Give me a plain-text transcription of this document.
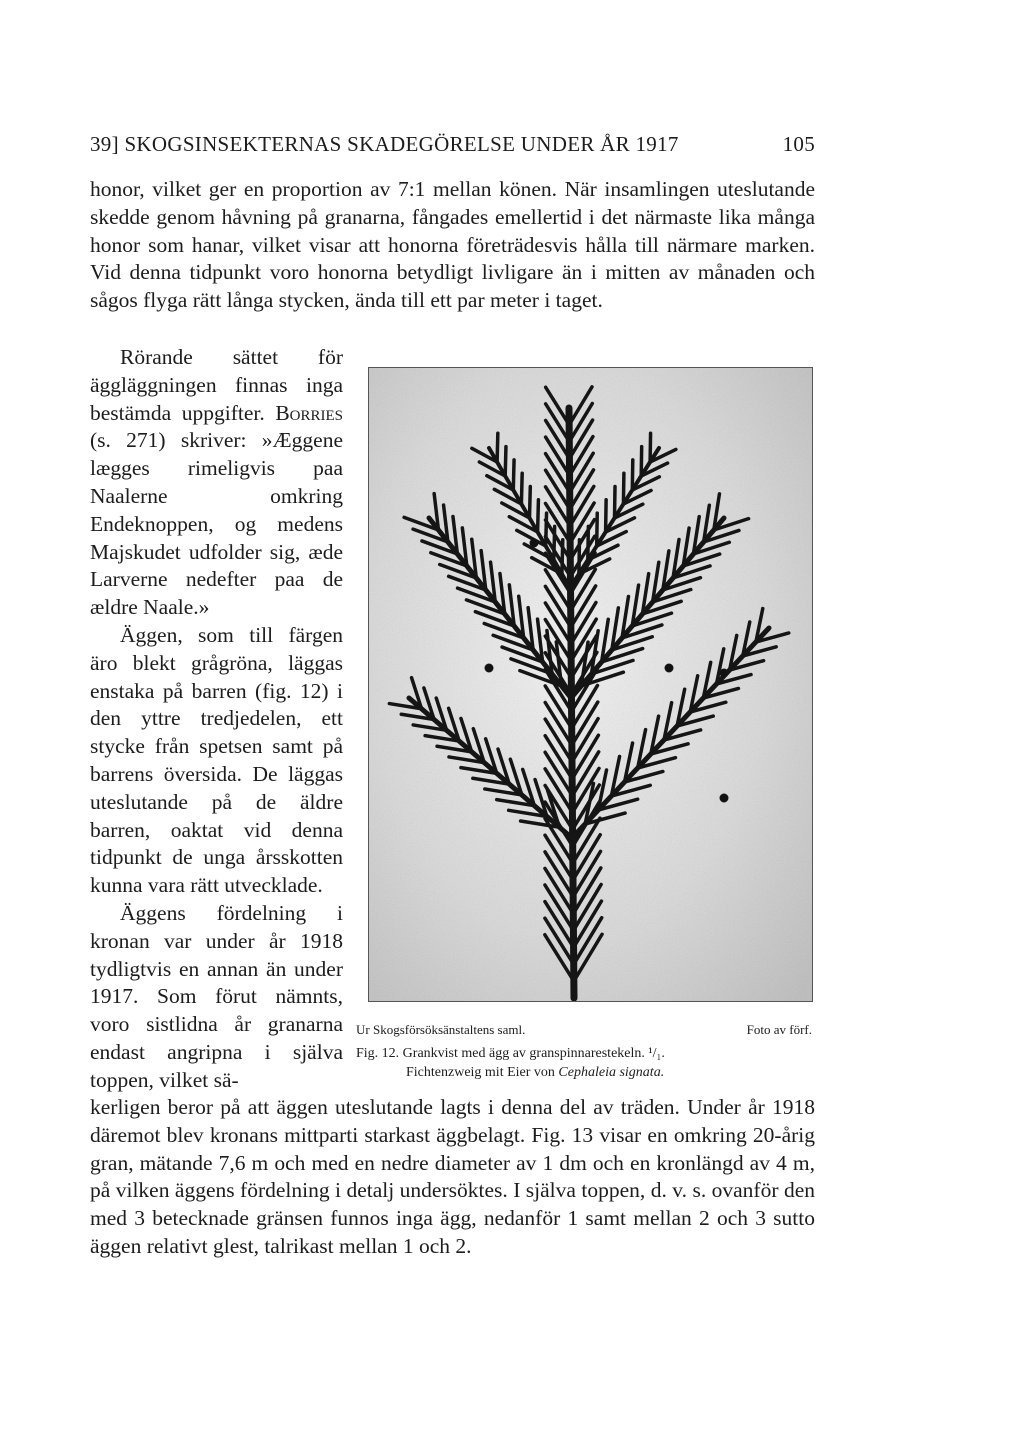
39] SKOGSINSEKTERNAS SKADEGÖRELSE UNDER ÅR 1917	105

honor, vilket ger en proportion av 7:1 mellan könen. När insamlingen uteslutande skedde genom håvning på granarna, fångades emellertid i det närmaste lika många honor som hanar, vilket visar att honorna företrädesvis hålla till närmare marken. Vid denna tidpunkt voro honorna betydligt livligare än i mitten av månaden och sågos flyga rätt långa stycken, ända till ett par meter i taget.

Rörande sättet för äggläggningen finnas inga bestämda uppgifter. Borries (s. 271) skriver: »Æggene lægges rimeligvis paa Naalerne omkring Endeknoppen, og medens Majskudet udfolder sig, æde Larverne nedefter paa de ældre Naale.»

Äggen, som till färgen äro blekt grågröna, läggas enstaka på barren (fig. 12) i den yttre tredjedelen, ett stycke från spetsen samt på barrens översida. De läggas uteslutande på de äldre barren, oaktat vid denna tidpunkt de unga årsskotten kunna vara rätt utvecklade.

Äggens fördelning i kronan var under år 1918 tydligtvis en annan än under 1917. Som förut nämnts, voro sistlidna år granarna endast angripna i själva toppen, vilket sä-

Ur Skogsförsöksänstaltens saml.	Foto av förf.
Fig. 12. Grankvist med ägg av granspinnarestekeln. ¹/₁.
Fichtenzweig mit Eier von Cephaleia signata.

kerligen beror på att äggen uteslutande lagts i denna del av träden. Under år 1918 däremot blev kronans mittparti starkast äggbelagt. Fig. 13 visar en omkring 20-årig gran, mätande 7,6 m och med en nedre diameter av 1 dm och en kronlängd av 4 m, på vilken äggens fördelning i detalj undersöktes. I själva toppen, d. v. s. ovanför den med 3 betecknade gränsen funnos inga ägg, nedanför 1 samt mellan 2 och 3 sutto äggen relativt glest, talrikast mellan 1 och 2.
